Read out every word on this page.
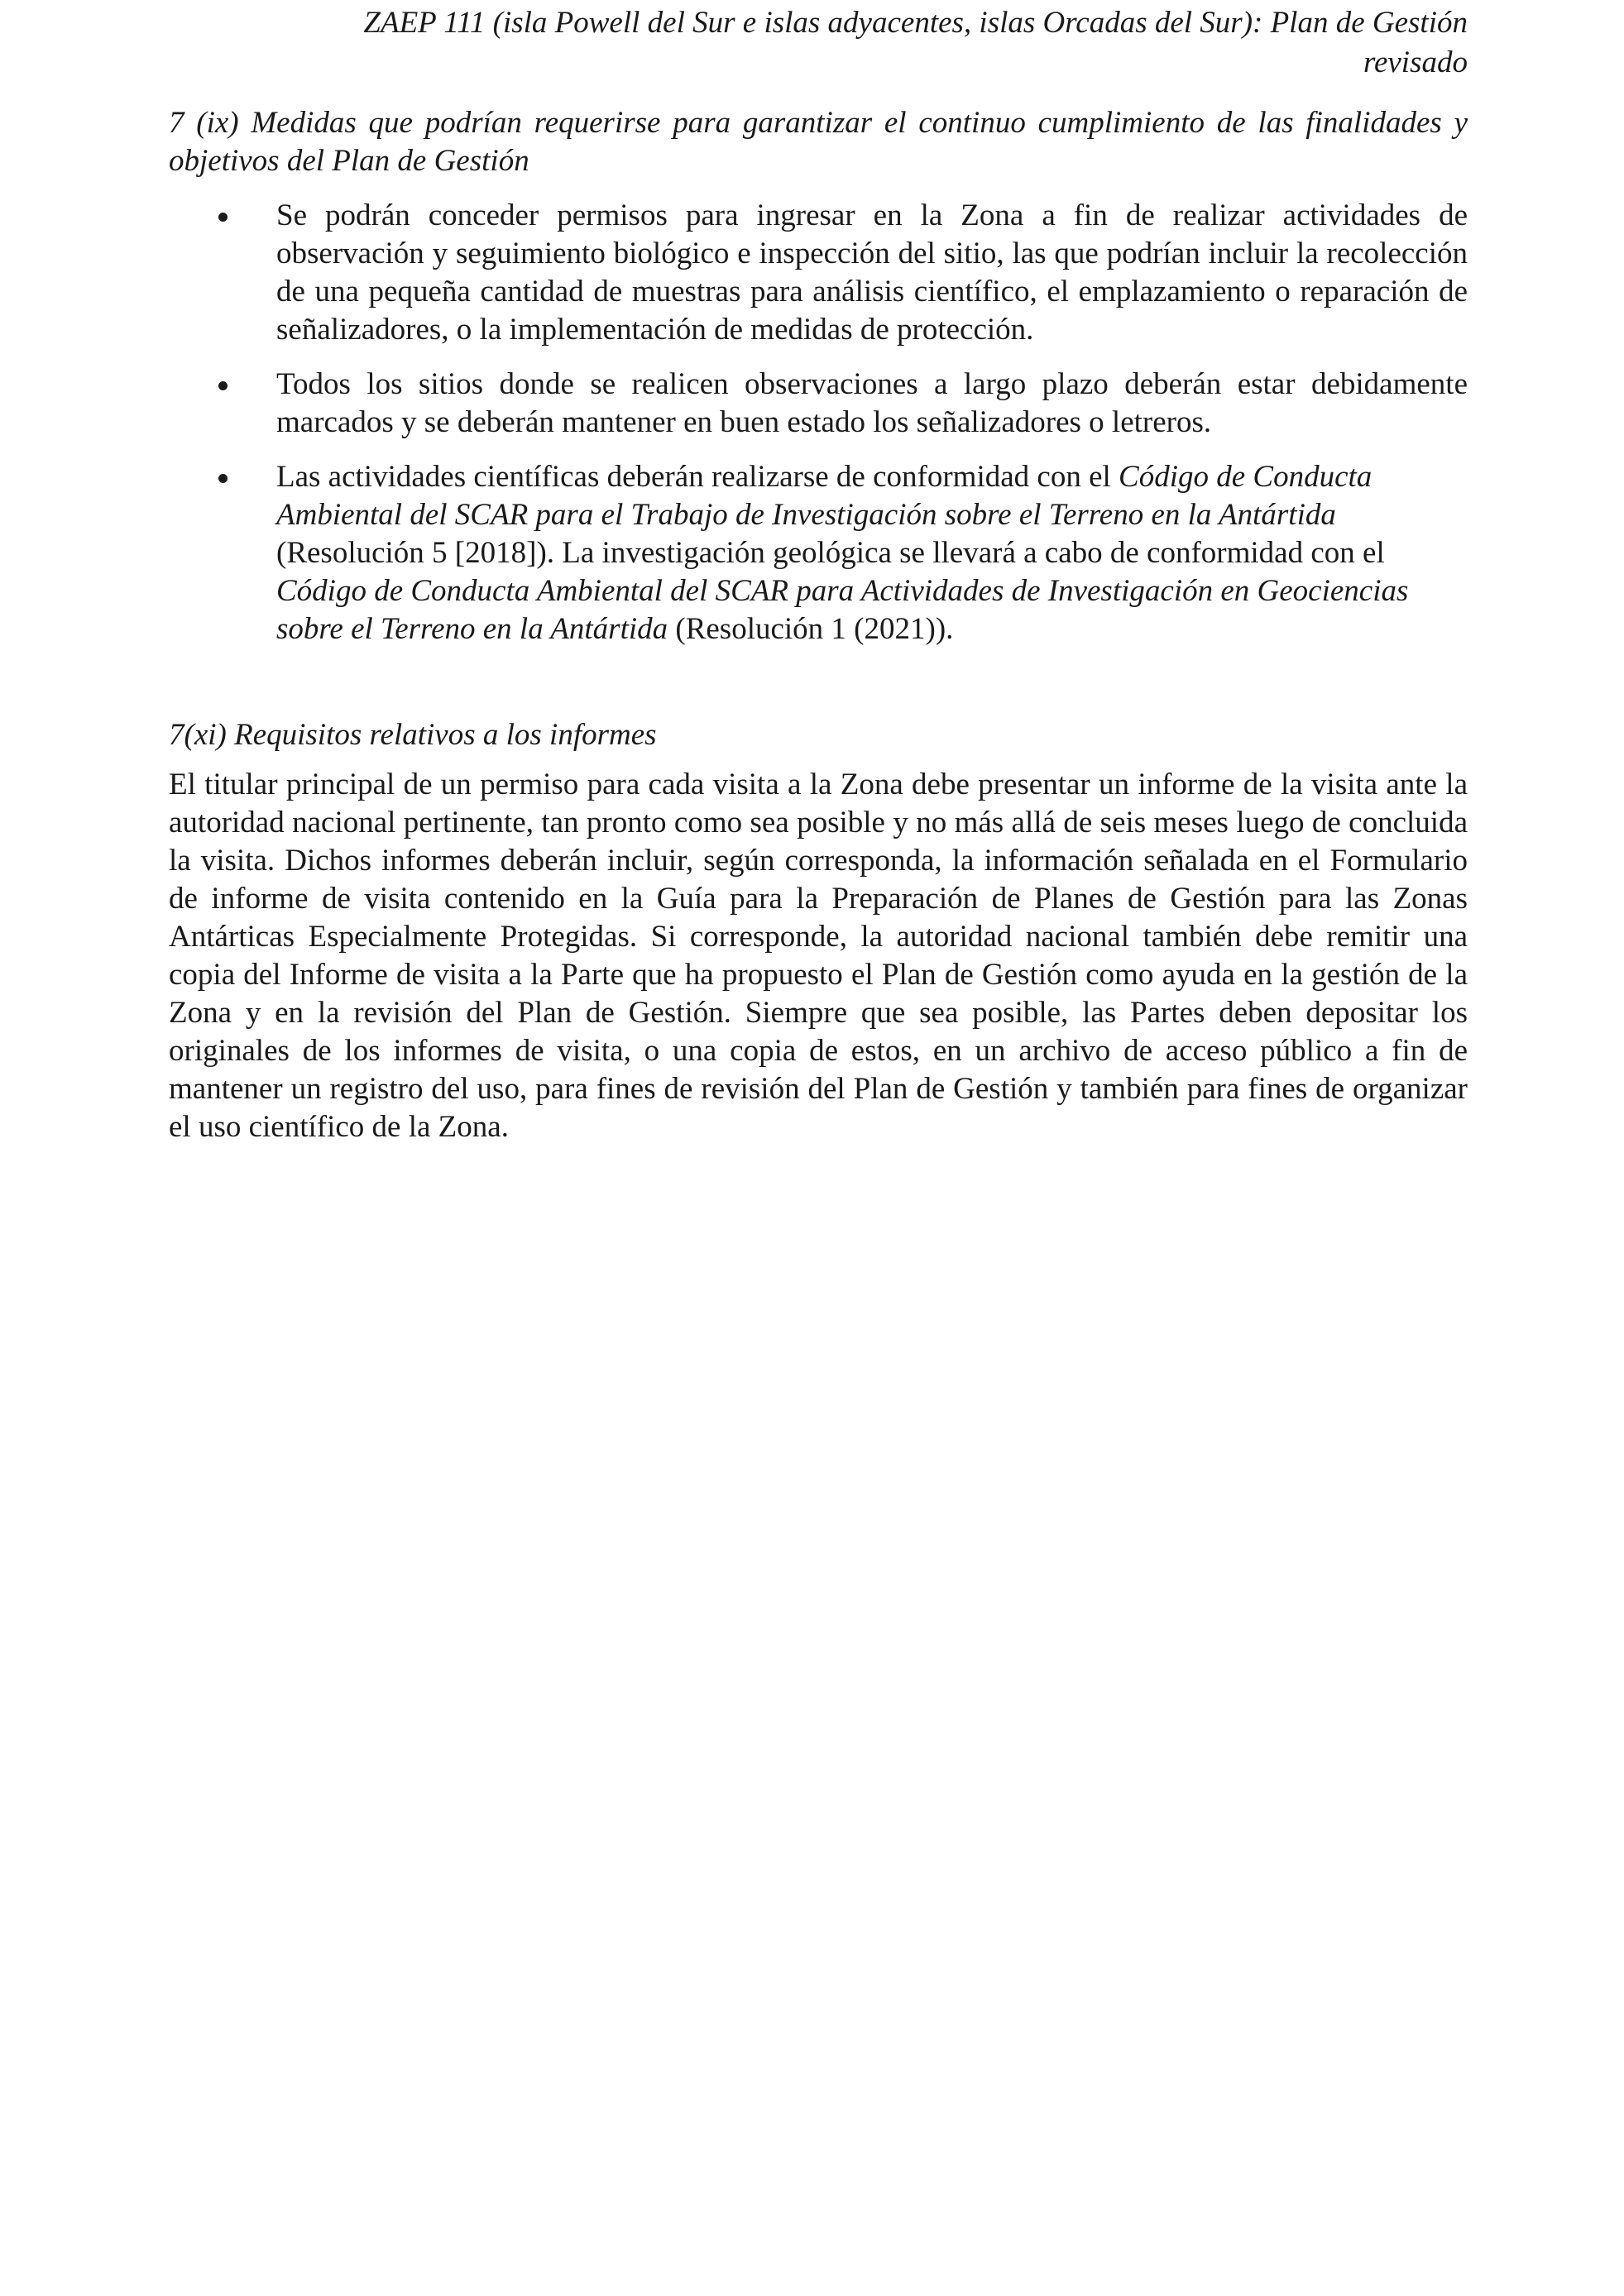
ZAEP 111 (isla Powell del Sur e islas adyacentes, islas Orcadas del Sur): Plan de Gestión
revisado
7 (ix) Medidas que podrían requerirse para garantizar el continuo cumplimiento de las finalidades y objetivos del Plan de Gestión
Se podrán conceder permisos para ingresar en la Zona a fin de realizar actividades de observación y seguimiento biológico e inspección del sitio, las que podrían incluir la recolección de una pequeña cantidad de muestras para análisis científico, el emplazamiento o reparación de señalizadores, o la implementación de medidas de protección.
Todos los sitios donde se realicen observaciones a largo plazo deberán estar debidamente marcados y se deberán mantener en buen estado los señalizadores o letreros.
Las actividades científicas deberán realizarse de conformidad con el Código de Conducta Ambiental del SCAR para el Trabajo de Investigación sobre el Terreno en la Antártida (Resolución 5 [2018]). La investigación geológica se llevará a cabo de conformidad con el Código de Conducta Ambiental del SCAR para Actividades de Investigación en Geociencias sobre el Terreno en la Antártida (Resolución 1 (2021)).
7(xi) Requisitos relativos a los informes

El titular principal de un permiso para cada visita a la Zona debe presentar un informe de la visita ante la autoridad nacional pertinente, tan pronto como sea posible y no más allá de seis meses luego de concluida la visita. Dichos informes deberán incluir, según corresponda, la información señalada en el Formulario de informe de visita contenido en la Guía para la Preparación de Planes de Gestión para las Zonas Antárticas Especialmente Protegidas. Si corresponde, la autoridad nacional también debe remitir una copia del Informe de visita a la Parte que ha propuesto el Plan de Gestión como ayuda en la gestión de la Zona y en la revisión del Plan de Gestión. Siempre que sea posible, las Partes deben depositar los originales de los informes de visita, o una copia de estos, en un archivo de acceso público a fin de mantener un registro del uso, para fines de revisión del Plan de Gestión y también para fines de organizar el uso científico de la Zona.
